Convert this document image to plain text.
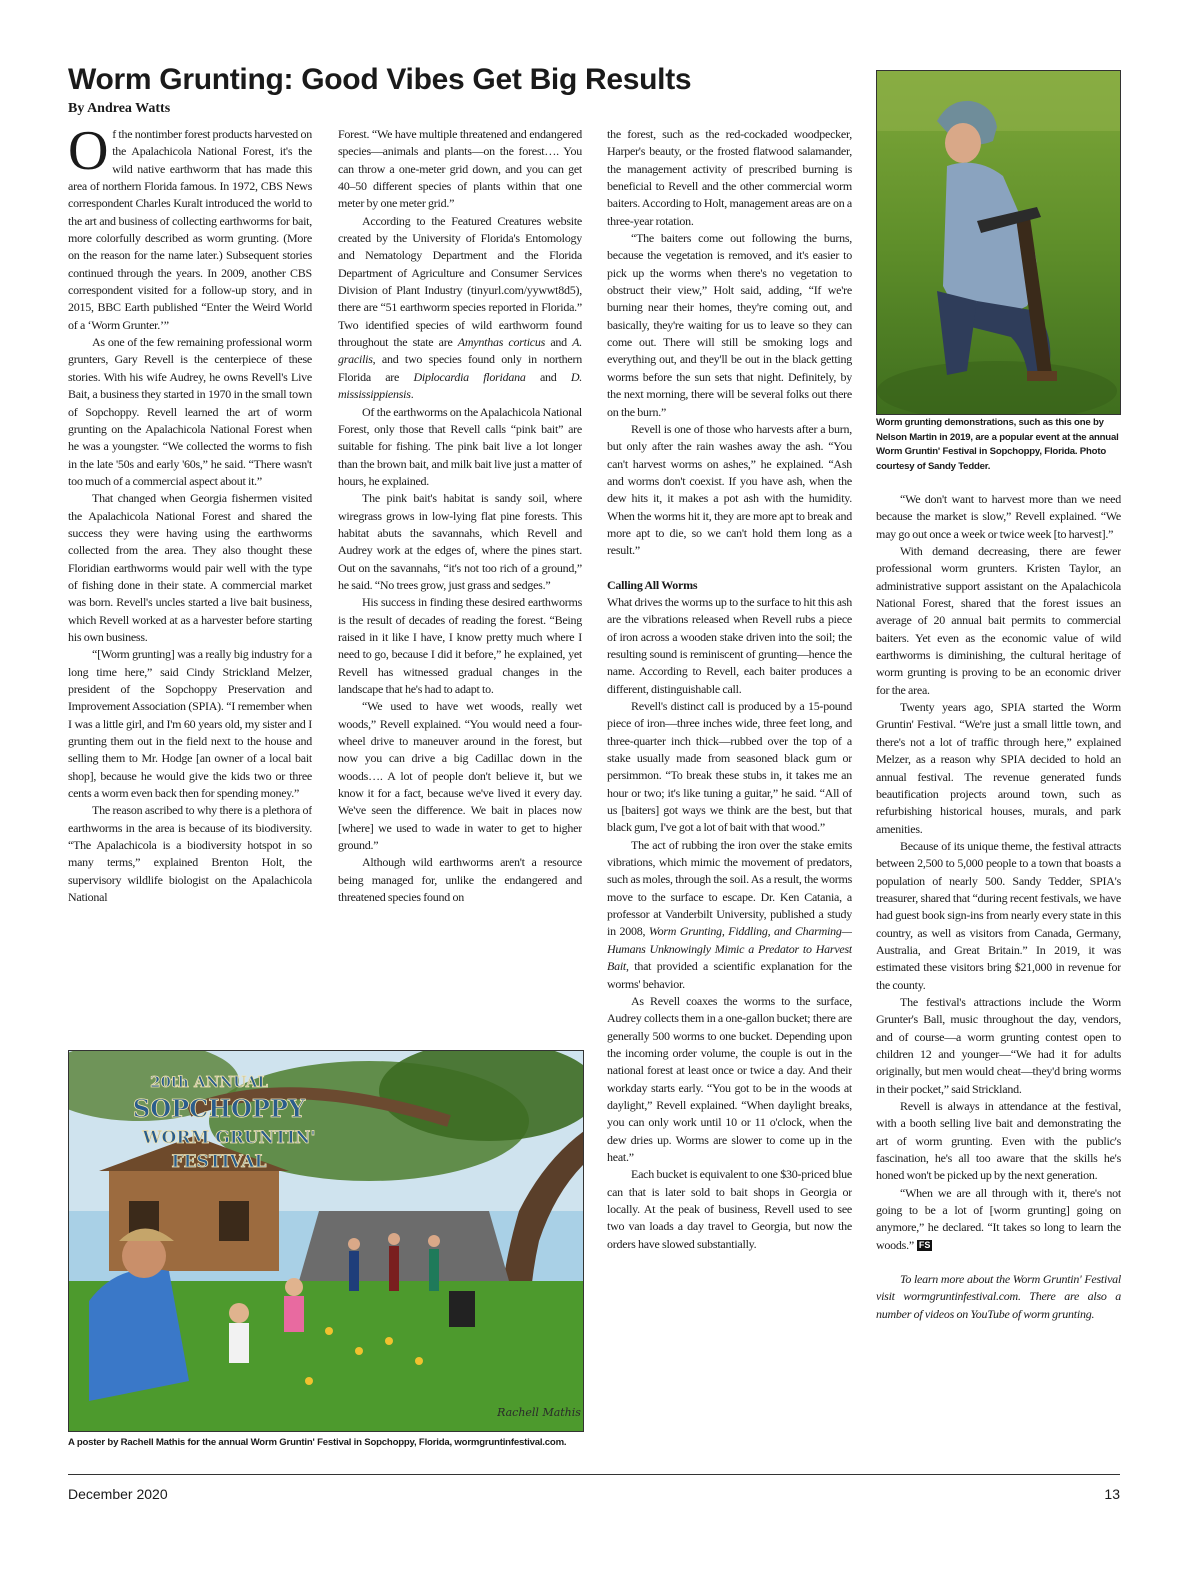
Worm Grunting: Good Vibes Get Big Results
By Andrea Watts

Of the nontimber forest products harvested on the Apalachicola National Forest, it's the wild native earthworm that has made this area of northern Florida famous. In 1972, CBS News correspondent Charles Kuralt introduced the world to the art and business of collecting earthworms for bait, more colorfully described as worm grunting. (More on the reason for the name later.) Subsequent stories continued through the years. In 2009, another CBS correspondent visited for a follow-up story, and in 2015, BBC Earth published “Enter the Weird World of a ‘Worm Grunter.’”

As one of the few remaining professional worm grunters, Gary Revell is the centerpiece of these stories. With his wife Audrey, he owns Revell's Live Bait, a business they started in 1970 in the small town of Sopchoppy. Revell learned the art of worm grunting on the Apalachicola National Forest when he was a youngster. “We collected the worms to fish in the late '50s and early '60s,” he said. “There wasn't too much of a commercial aspect about it.”

That changed when Georgia fishermen visited the Apalachicola National Forest and shared the success they were having using the earthworms collected from the area. They also thought these Floridian earthworms would pair well with the type of fishing done in their state. A commercial market was born. Revell's uncles started a live bait business, which Revell worked at as a harvester before starting his own business.

“[Worm grunting] was a really big industry for a long time here,” said Cindy Strickland Melzer, president of the Sopchoppy Preservation and Improvement Association (SPIA). “I remember when I was a little girl, and I'm 60 years old, my sister and I grunting them out in the field next to the house and selling them to Mr. Hodge [an owner of a local bait shop], because he would give the kids two or three cents a worm even back then for spending money.”

The reason ascribed to why there is a plethora of earthworms in the area is because of its biodiversity. “The Apalachicola is a biodiversity hotspot in so many terms,” explained Brenton Holt, the supervisory wildlife biologist on the Apalachicola National

Forest. “We have multiple threatened and endangered species—animals and plants—on the forest…. You can throw a one-meter grid down, and you can get 40–50 different species of plants within that one meter by one meter grid.”

According to the Featured Creatures website created by the University of Florida's Entomology and Nematology Department and the Florida Department of Agriculture and Consumer Services Division of Plant Industry (tinyurl.com/yywwt8d5), there are “51 earthworm species reported in Florida.” Two identified species of wild earthworm found throughout the state are Amynthas corticus and A. gracilis, and two species found only in northern Florida are Diplocardia floridana and D. mississippiensis.

Of the earthworms on the Apalachicola National Forest, only those that Revell calls “pink bait” are suitable for fishing. The pink bait live a lot longer than the brown bait, and milk bait live just a matter of hours, he explained.

The pink bait's habitat is sandy soil, where wiregrass grows in low-lying flat pine forests. This habitat abuts the savannahs, which Revell and Audrey work at the edges of, where the pines start. Out on the savannahs, “it's not too rich of a ground,” he said. “No trees grow, just grass and sedges.”

His success in finding these desired earthworms is the result of decades of reading the forest. “Being raised in it like I have, I know pretty much where I need to go, because I did it before,” he explained, yet Revell has witnessed gradual changes in the landscape that he's had to adapt to.

“We used to have wet woods, really wet woods,” Revell explained. “You would need a four-wheel drive to maneuver around in the forest, but now you can drive a big Cadillac down in the woods…. A lot of people don't believe it, but we know it for a fact, because we've lived it every day. We've seen the difference. We bait in places now [where] we used to wade in water to get to higher ground.”

Although wild earthworms aren't a resource being managed for, unlike the endangered and threatened species found on

the forest, such as the red-cockaded woodpecker, Harper's beauty, or the frosted flatwood salamander, the management activity of prescribed burning is beneficial to Revell and the other commercial worm baiters. According to Holt, management areas are on a three-year rotation.

“The baiters come out following the burns, because the vegetation is removed, and it's easier to pick up the worms when there's no vegetation to obstruct their view,” Holt said, adding, “If we're burning near their homes, they're coming out, and basically, they're waiting for us to leave so they can come out. There will still be smoking logs and everything out, and they'll be out in the black getting worms before the sun sets that night. Definitely, by the next morning, there will be several folks out there on the burn.”

Revell is one of those who harvests after a burn, but only after the rain washes away the ash. “You can't harvest worms on ashes,” he explained. “Ash and worms don't coexist. If you have ash, when the dew hits it, it makes a pot ash with the humidity. When the worms hit it, they are more apt to break and more apt to die, so we can't hold them long as a result.”

Calling All Worms

What drives the worms up to the surface to hit this ash are the vibrations released when Revell rubs a piece of iron across a wooden stake driven into the soil; the resulting sound is reminiscent of grunting—hence the name. According to Revell, each baiter produces a different, distinguishable call.

Revell's distinct call is produced by a 15-pound piece of iron—three inches wide, three feet long, and three-quarter inch thick—rubbed over the top of a stake usually made from seasoned black gum or persimmon. “To break these stubs in, it takes me an hour or two; it's like tuning a guitar,” he said. “All of us [baiters] got ways we think are the best, but that black gum, I've got a lot of bait with that wood.”

The act of rubbing the iron over the stake emits vibrations, which mimic the movement of predators, such as moles, through the soil. As a result, the worms move to the surface to escape. Dr. Ken Catania, a professor at Vanderbilt University, published a study in 2008, Worm Grunting, Fiddling, and Charming—Humans Unknowingly Mimic a Predator to Harvest Bait, that provided a scientific explanation for the worms' behavior.

As Revell coaxes the worms to the surface, Audrey collects them in a one-gallon bucket; there are generally 500 worms to one bucket. Depending upon the incoming order volume, the couple is out in the national forest at least once or twice a day. And their workday starts early. “You got to be in the woods at daylight,” Revell explained. “When daylight breaks, you can only work until 10 or 11 o'clock, when the dew dries up. Worms are slower to come up in the heat.”

Each bucket is equivalent to one $30-priced blue can that is later sold to bait shops in Georgia or locally. At the peak of business, Revell used to see two van loads a day travel to Georgia, but now the orders have slowed substantially.

Worm grunting demonstrations, such as this one by Nelson Martin in 2019, are a popular event at the annual Worm Gruntin' Festival in Sopchoppy, Florida. Photo courtesy of Sandy Tedder.

“We don't want to harvest more than we need because the market is slow,” Revell explained. “We may go out once a week or twice week [to harvest].”

With demand decreasing, there are fewer professional worm grunters. Kristen Taylor, an administrative support assistant on the Apalachicola National Forest, shared that the forest issues an average of 20 annual bait permits to commercial baiters. Yet even as the economic value of wild earthworms is diminishing, the cultural heritage of worm grunting is proving to be an economic driver for the area.

Twenty years ago, SPIA started the Worm Gruntin' Festival. “We're just a small little town, and there's not a lot of traffic through here,” explained Melzer, as a reason why SPIA decided to hold an annual festival. The revenue generated funds beautification projects around town, such as refurbishing historical houses, murals, and park amenities.

Because of its unique theme, the festival attracts between 2,500 to 5,000 people to a town that boasts a population of nearly 500. Sandy Tedder, SPIA's treasurer, shared that “during recent festivals, we have had guest book sign-ins from nearly every state in this country, as well as visitors from Canada, Germany, Australia, and Great Britain.” In 2019, it was estimated these visitors bring $21,000 in revenue for the county.

The festival's attractions include the Worm Grunter's Ball, music throughout the day, vendors, and of course—a worm grunting contest open to children 12 and younger—“We had it for adults originally, but men would cheat—they'd bring worms in their pocket,” said Strickland.

Revell is always in attendance at the festival, with a booth selling live bait and demonstrating the art of worm grunting. Even with the public's fascination, he's all too aware that the skills he's honed won't be picked up by the next generation.

“When we are all through with it, there's not going to be a lot of [worm grunting] going on anymore,” he declared. “It takes so long to learn the woods.” FS

To learn more about the Worm Gruntin' Festival visit wormgruntinfestival.com. There are also a number of videos on YouTube of worm grunting.

20th ANNUAL
SOPCHOPPY
WORM GRUNTIN'
FESTIVAL
Rachell Mathis
A poster by Rachell Mathis for the annual Worm Gruntin' Festival in Sopchoppy, Florida, wormgruntinfestival.com.
December 2020	13
